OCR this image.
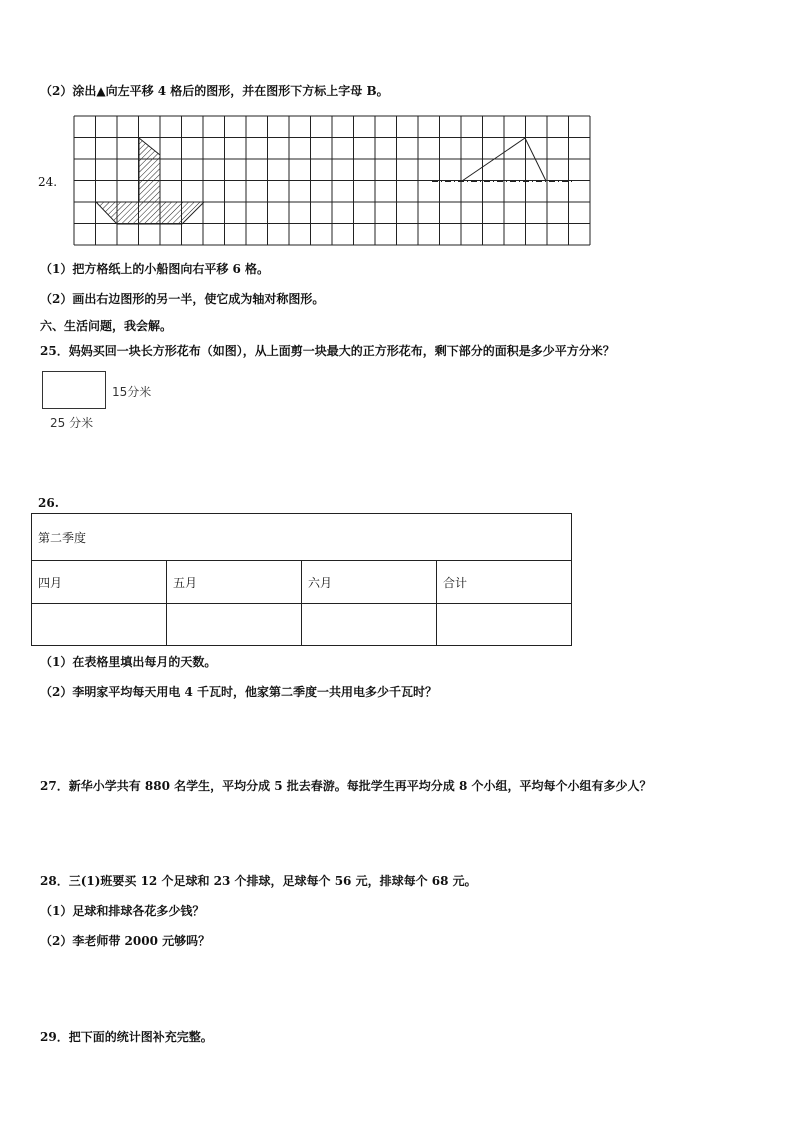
（2）涂出▲向左平移 4 格后的图形，并在图形下方标上字母 B。
24.
（1）把方格纸上的小船图向右平移 6 格。
（2）画出右边图形的另一半，使它成为轴对称图形。
六、生活问题，我会解。
25．妈妈买回一块长方形花布（如图），从上面剪一块最大的正方形花布，剩下部分的面积是多少平方分米？
15分米
25 分米
26.
第二季度			
四月	五月	六月	合计

（1）在表格里填出每月的天数。
（2）李明家平均每天用电 4 千瓦时，他家第二季度一共用电多少千瓦时？
27．新华小学共有 880 名学生，平均分成 5 批去春游。每批学生再平均分成 8 个小组，平均每个小组有多少人？
28．三(1)班要买 12 个足球和 23 个排球，足球每个 56 元，排球每个 68 元。
（1）足球和排球各花多少钱？
（2）李老师带 2000 元够吗？
29．把下面的统计图补充完整。
